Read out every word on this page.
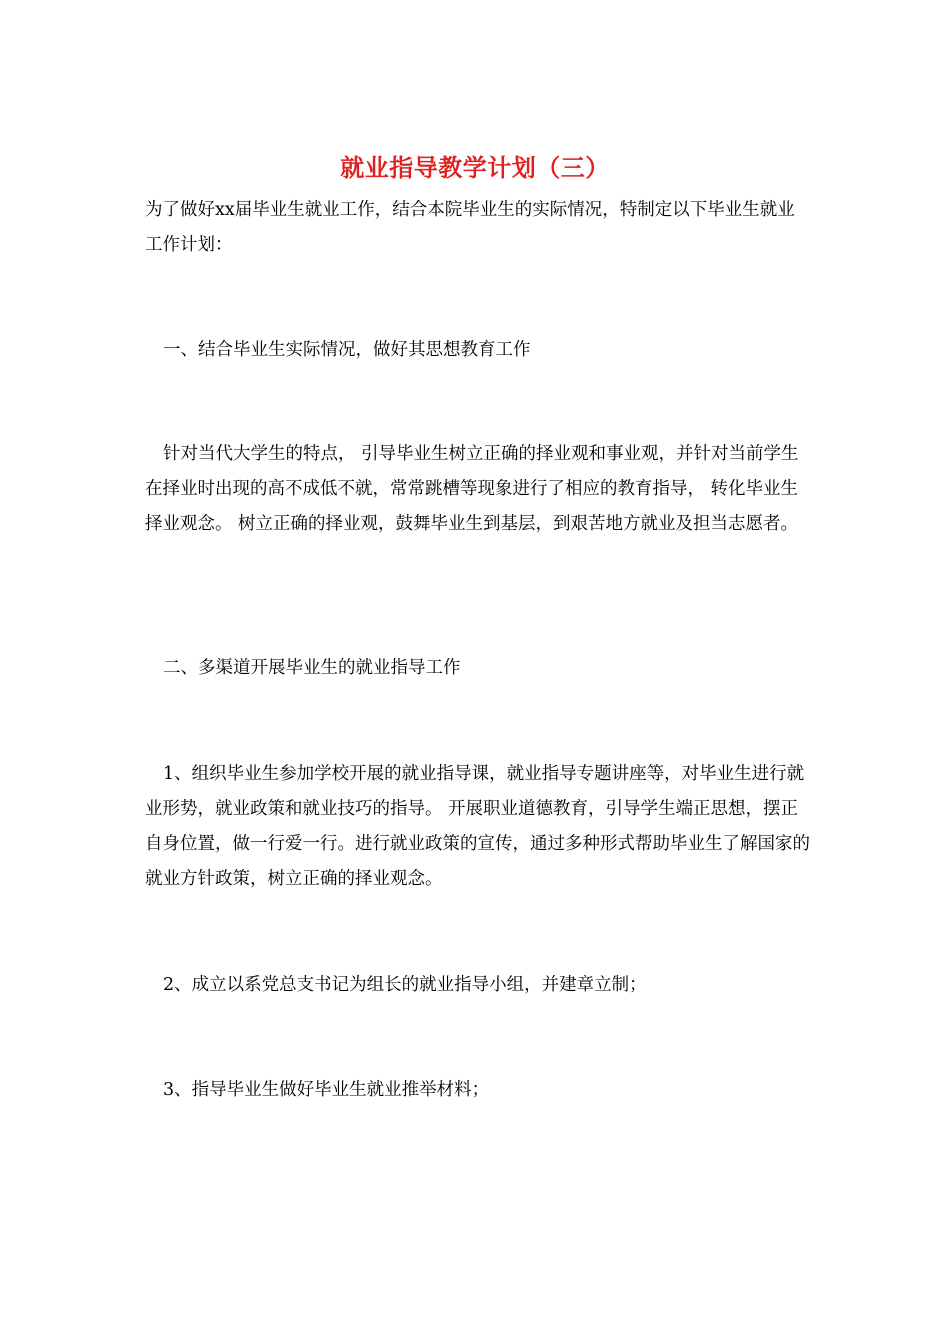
就业指导教学计划（三）

为了做好xx届毕业生就业工作，结合本院毕业生的实际情况，特制定以下毕业生就业工作计划：

一、结合毕业生实际情况，做好其思想教育工作

针对当代大学生的特点， 引导毕业生树立正确的择业观和事业观，并针对当前学生在择业时出现的高不成低不就，常常跳槽等现象进行了相应的教育指导， 转化毕业生择业观念。 树立正确的择业观，鼓舞毕业生到基层，到艰苦地方就业及担当志愿者。

二、多渠道开展毕业生的就业指导工作

1、组织毕业生参加学校开展的就业指导课，就业指导专题讲座等，对毕业生进行就业形势，就业政策和就业技巧的指导。 开展职业道德教育，引导学生端正思想，摆正自身位置，做一行爱一行。进行就业政策的宣传，通过多种形式帮助毕业生了解国家的就业方针政策，树立正确的择业观念。

2、成立以系党总支书记为组长的就业指导小组，并建章立制；

3、指导毕业生做好毕业生就业推举材料；
